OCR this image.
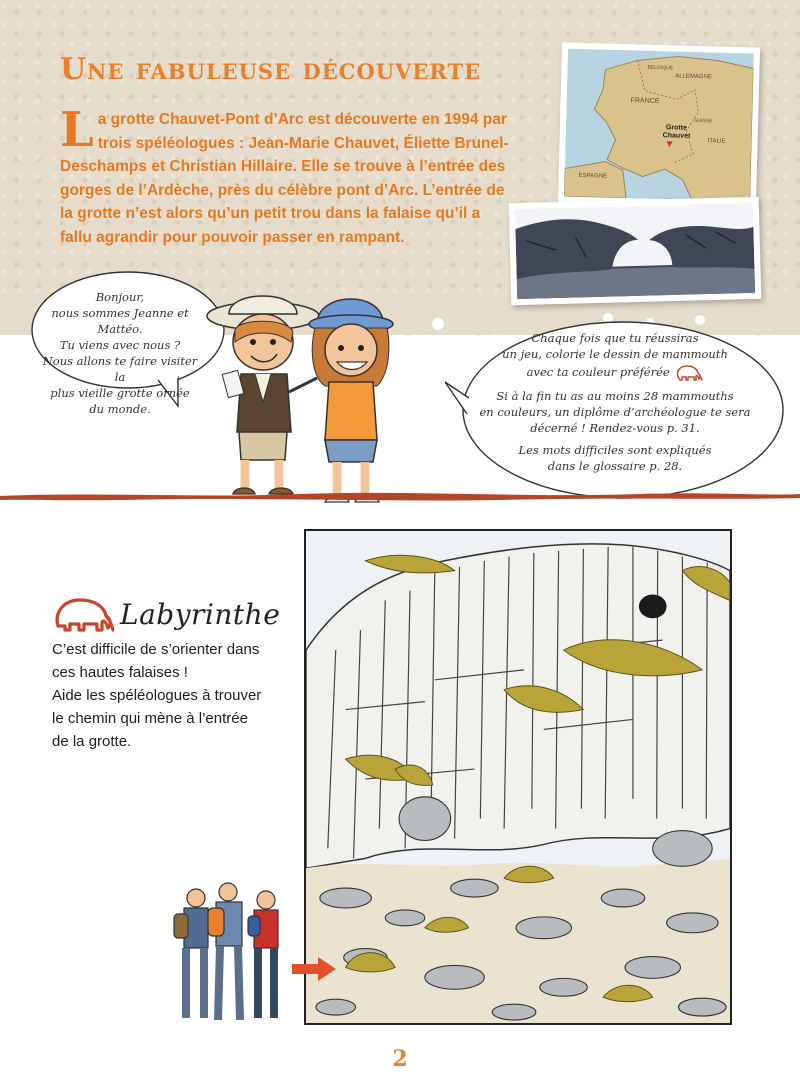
Une fabuleuse découverte
La grotte Chauvet-Pont d’Arc est découverte en 1994 par trois spéléologues : Jean-Marie Chauvet, Éliette Brunel-Deschamps et Christian Hillaire. Elle se trouve à l’entrée des gorges de l’Ardèche, près du célèbre pont d’Arc. L’entrée de la grotte n’est alors qu’un petit trou dans la falaise qu’il a fallu agrandir pour pouvoir passer en rampant.
ALLEMAGNE
BELGIQUE
FRANCE
SUISSE
ITALIE
ESPAGNE
Grotte
Chauvet
Bonjour,
nous sommes Jeanne et Mattéo.
Tu viens avec nous ?
Nous allons te faire visiter la
plus vieille grotte ornée
du monde.

Chaque fois que tu réussiras
un jeu, colorie le dessin de mammouth
avec ta couleur préférée

Si à la fin tu as au moins 28 mammouths
en couleurs, un diplôme d’archéologue te sera
décerné ! Rendez-vous p. 31.

Les mots difficiles sont expliqués
dans le glossaire p. 28.

Labyrinthe
C’est difficile de s’orienter dans
ces hautes falaises !
Aide les spéléologues à trouver
le chemin qui mène à l’entrée
de la grotte.
2
